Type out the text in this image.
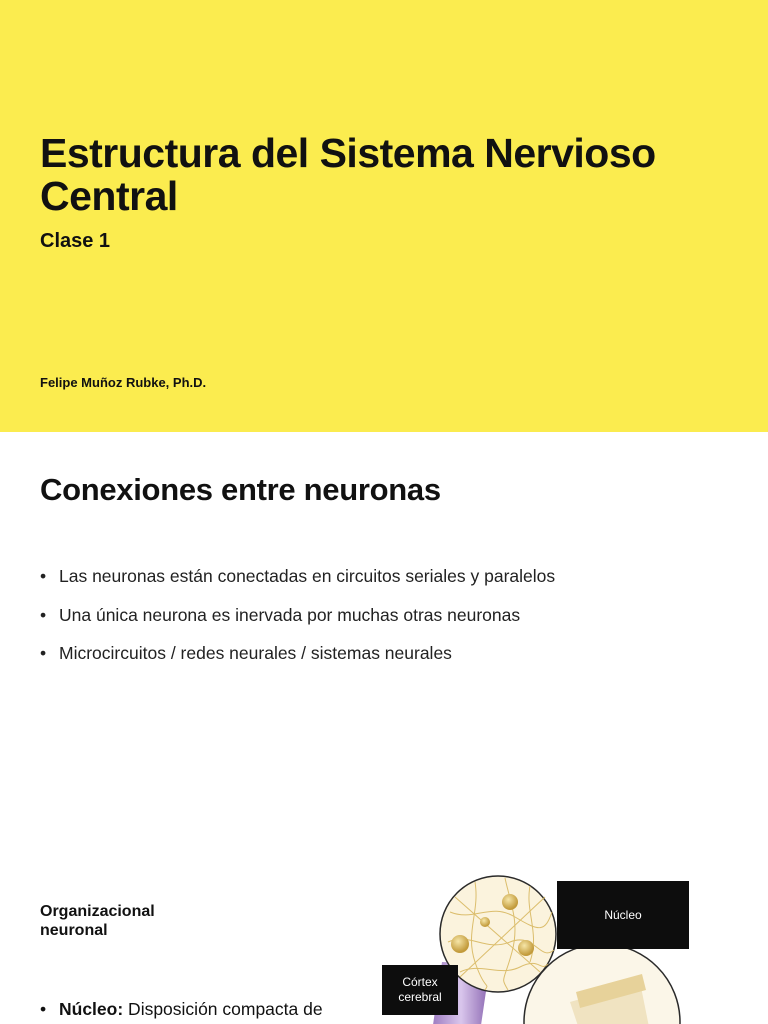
Estructura del Sistema Nervioso Central

Clase 1

Felipe Muñoz Rubke, Ph.D.

Conexiones entre neuronas
• Las neuronas están conectadas en circuitos seriales y paralelos
• Una única neurona es inervada por muchas otras neuronas
• Microcircuitos / redes neurales / sistemas neurales
Organizacional neuronal

• Núcleo: Disposición compacta de

Núcleo
Córtex
cerebral
